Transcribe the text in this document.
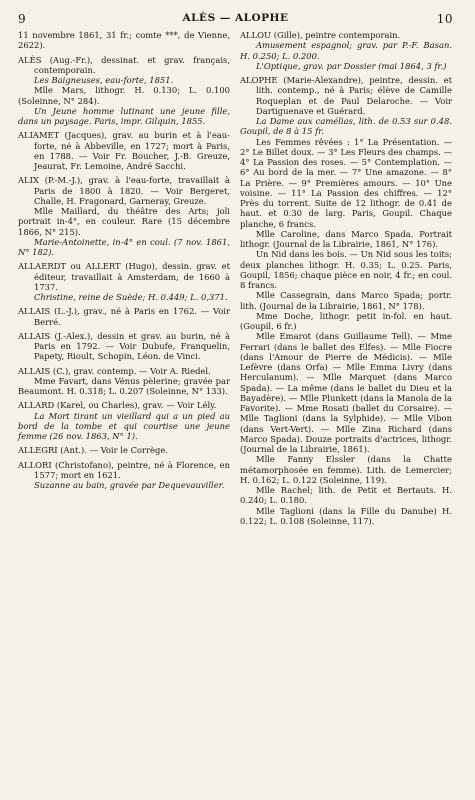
9	ALÈS — ALOPHE	10

11 novembre 1861, 31 fr.; comte ***, de Vienne, 2622).

ALÈS (Aug.-Fr.), dessinat. et grav. français, contemporain.

Les Baigneuses, eau-forte, 1851.

Mlle Mars, lithogr. H. 0.130; L. 0.100 (Soleinne, N° 284).

Un Jeune homme lutinant une jeune fille, dans un paysage. Paris, impr. Gilquin, 1855.

ALIAMET (Jacques), grav. au burin et à l'eau-forte, né à Abbeville, en 1727; mort à Paris, en 1788. — Voir Fr. Boucher, J.-B. Greuze, Jeaurat, Fr. Lemoine, André Sacchi.

ALIX (P.-M.-J.), grav. à l'eau-forte, travaillait à Paris de 1800 à 1820. — Voir Bergeret, Challe, H. Fragonard, Garneray, Greuze.

Mlle Maillard, du théâtre des Arts; joli portrait in-4°, en couleur. Rare (15 décembre 1866, N° 215).

Marie-Antoinette, in-4° en coul. (7 nov. 1861, N° 182).

ALLAERDT ou ALLERT (Hugo), dessin. grav. et éditeur, travaillait à Amsterdam, de 1660 à 1737.

Christine, reine de Suède; H. 0.449; L. 0,371.

ALLAIS (L.-J.), grav., né à Paris en 1762. — Voir Berré.

ALLAIS (J.-Alex.), dessin et grav. au burin, né à Paris en 1792. — Voir Dubufe, Franquelin, Papety, Rioult, Schopin, Léon. de Vinci.

ALLAIS (C.), grav. contemp. — Voir A. Riedel.

Mme Favart, dans Vénus pèlerine; gravée par Beaumont. H. 0.318; L. 0.207 (Soleinne, N° 133).

ALLARD (Karel, ou Charles), grav. — Voir Lély.

La Mort tirant un vieillard qui a un pied au bord de la tombe et qui courtise une jeune femme (26 nov. 1863, N° 1).

ALLEGRI (Ant.). — Voir le Corrège.

ALLORI (Christofano), peintre, né à Florence, en 1577; mort en 1621.

Suzanne au bain, gravée par Dequevauviller.

ALLOU (Gille), peintre contemporain.

Amusement espagnol; grav. par P.-F. Basan. H. 0.250; L. 0.200.

L'Optique, grav. par Dossier (mai 1864, 3 fr.)

ALOPHE (Marie-Alexandre), peintre, dessin. et lith. contemp., né à Paris; élève de Camille Roqueplan et de Paul Delaroche. — Voir Dartiguenave et Guérard.

La Dame aux camélias, lith. de 0.53 sur 0.48. Goupil, de 8 à 15 fr.

Les Femmes rêvées : 1° La Présentation. — 2° Le Billet doux. — 3° Les Fleurs des champs. — 4° La Passion des roses. — 5° Contemplation. — 6° Au bord de la mer. — 7° Une amazone. — 8° La Prière. — 9° Premières amours. — 10° Une voisine. — 11° La Passion des chiffres. — 12° Près du torrent. Suite de 12 lithogr. de 0.41 de haut. et 0.30 de larg. Paris, Goupil. Chaque planche, 6 francs.

Mlle Caroline, dans Marco Spada. Portrait lithogr. (Journal de la Librairie, 1861, N° 176).

Un Nid dans les bois. — Un Nid sous les toits; deux planches lithogr. H. 0.35; L. 0.25. Paris, Goupil, 1856; chaque pièce en noir, 4 fr.; en coul. 8 francs.

Mlle Cassegrain, dans Marco Spada; portr. lith. (Journal de la Librairie, 1861, N° 178).

Mme Doche, lithogr. petit in-fol. en haut. (Goupil, 6 fr.)

Mlle Emarot (dans Guillaume Tell). — Mme Ferrari (dans le ballet des Elfes). — Mlle Fiocre (dans l'Amour de Pierre de Médicis). — Mlle Lefèvre (dans Orfa) — Mlle Emma Livry (dans Herculanum). — Mlle Marquet (dans Marco Spada). — La même (dans le ballet du Dieu et la Bayadère). — Mlle Plunkett (dans la Manola de la Favorite). — Mme Rosati (ballet du Corsaire). — Mlle Taglioni (dans la Sylphide). — Mlle Vibon (dans Vert-Vert). — Mlle Zina Richard (dans Marco Spada). Douze portraits d'actrices, lithogr. (Journal de la Librairie, 1861).

Mlle Fanny Elssler (dans la Chatte métamorphosée en femme). Lith. de Lemercier; H. 0.162; L. 0.122 (Soleinne, 119).

Mlle Rachel; lith. de Petit et Bertauts. H. 0.240; L. 0.180.

Mlle Taglioni (dans la Fille du Danube) H. 0.122; L. 0.108 (Soleinne, 117).
